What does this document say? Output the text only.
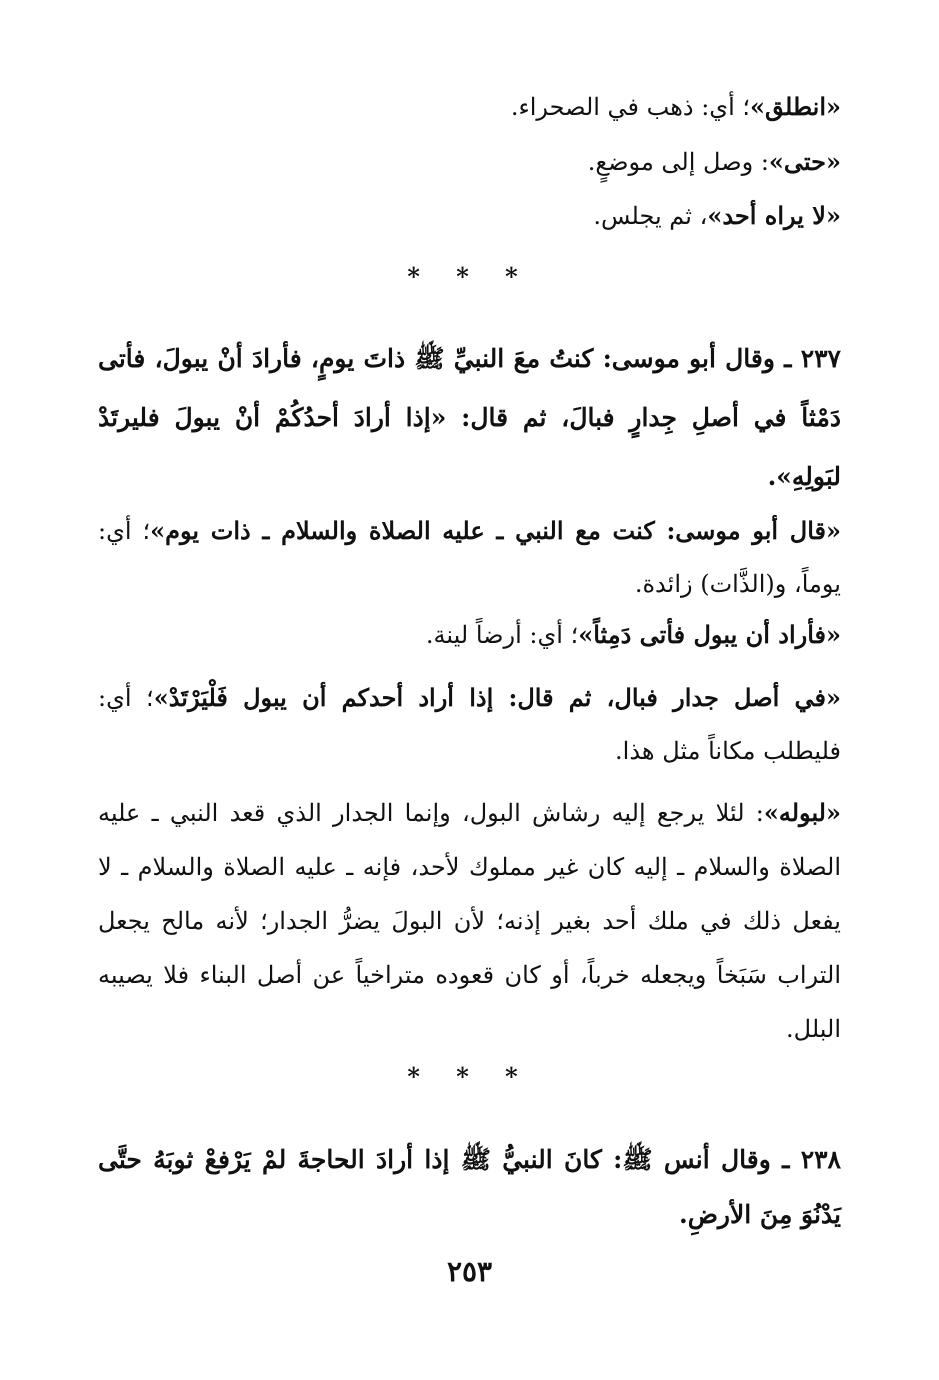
«انطلق»؛ أي: ذهب في الصحراء.

«حتى»: وصل إلى موضعٍ.

«لا يراه أحد»، ثم يجلس.

* * *

٢٣٧ ـ وقال أبو موسى: كنتُ معَ النبيِّ ﷺ ذاتَ يومٍ، فأرادَ أنْ يبولَ، فأتى دَمْثاً في أصلِ جِدارٍ فبالَ، ثم قال: «إذا أرادَ أحدُكُمْ أنْ يبولَ فليرتَدْ لبَولِهِ».

«قال أبو موسى: كنت مع النبي ـ عليه الصلاة والسلام ـ ذات يوم»؛ أي: يوماً، و(الذَّات) زائدة.

«فأراد أن يبول فأتى دَمِثاً»؛ أي: أرضاً لينة.

«في أصل جدار فبال، ثم قال: إذا أراد أحدكم أن يبول فَلْيَرْتَدْ»؛ أي: فليطلب مكاناً مثل هذا.

«لبوله»: لئلا يرجع إليه رشاش البول، وإنما الجدار الذي قعد النبي ـ عليه الصلاة والسلام ـ إليه كان غير مملوك لأحد، فإنه ـ عليه الصلاة والسلام ـ لا يفعل ذلك في ملك أحد بغير إذنه؛ لأن البولَ يضرُّ الجدار؛ لأنه مالح يجعل التراب سَبَخاً ويجعله خرباً، أو كان قعوده متراخياً عن أصل البناء فلا يصيبه البلل.

* * *

٢٣٨ ـ وقال أنس ﷺ: كانَ النبيُّ ﷺ إذا أرادَ الحاجةَ لمْ يَرْفعْ ثوبَهُ حتَّى يَدْنُوَ مِنَ الأرضِ.

٢٥٣
